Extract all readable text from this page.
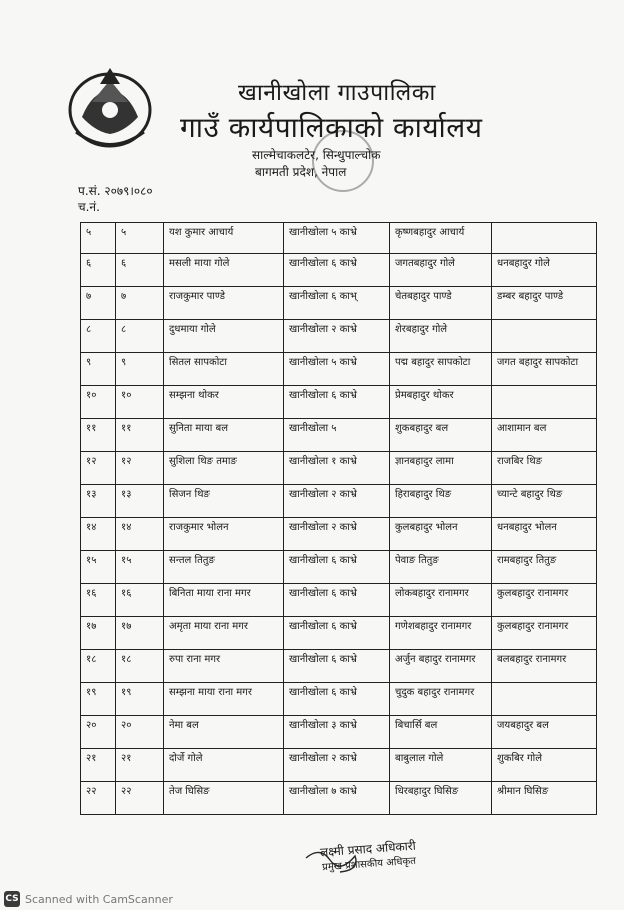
खानीखोला गाउपालिका
गाउँ कार्यपालिकाको कार्यालय
साल्मेचाकलटेर, सिन्धुपाल्चोक
बागमती प्रदेश, नेपाल
प.सं. २०७९।०८०
च.नं.
५	५	यश कुमार आचार्य	खानीखोला ५ काभ्रे	कृष्णबहादुर आचार्य	
६	६	मसली माया गोले	खानीखोला ६ काभ्रे	जगतबहादुर गोले	धनबहादुर गोले
७	७	राजकुमार पाण्डे	खानीखोला ६ काभ्	चेतबहादुर पाण्डे	डम्बर बहादुर पाण्डे
८	८	दुधमाया गोले	खानीखोला २ काभ्रे	शेरबहादुर गोले	
९	९	सितल सापकोटा	खानीखोला ५ काभ्रे	पद्म बहादुर सापकोटा	जगत बहादुर सापकोटा
१०	१०	सम्झना थोकर	खानीखोला ६ काभ्रे	प्रेमबहादुर थोकर	
११	११	सुनिता माया बल	खानीखोला ५	शुकबहादुर बल	आशामान बल
१२	१२	सुशिला थिङ तमाङ	खानीखोला १ काभ्रे	ज्ञानबहादुर लामा	राजबिर थिङ
१३	१३	सिजन थिङ	खानीखोला २ काभ्रे	हिराबहादुर थिङ	च्यान्टे बहादुर थिङ
१४	१४	राजकुमार भोलन	खानीखोला २ काभ्रे	कुलबहादुर भोलन	धनबहादुर भोलन
१५	१५	सन्तल तितुङ	खानीखोला ६ काभ्रे	पेवाङ तितुङ	रामबहादुर तितुङ
१६	१६	बिनिता माया राना मगर	खानीखोला ६ काभ्रे	लोकबहादुर रानामगर	कुलबहादुर रानामगर
१७	१७	अमृता माया राना मगर	खानीखोला ६ काभ्रे	गणेशबहादुर रानामगर	कुलबहादुर रानामगर
१८	१८	रुपा राना मगर	खानीखोला ६ काभ्रे	अर्जुन बहादुर रानामगर	बलबहादुर रानामगर
१९	१९	सम्झना माया राना मगर	खानीखोला ६ काभ्रे	चुदुक बहादुर रानामगर	
२०	२०	नेमा बल	खानीखोला ३ काभ्रे	बिचार्सि बल	जयबहादुर बल
२१	२१	दोर्जे गोले	खानीखोला २ काभ्रे	बाबुलाल गोले	शुकबिर गोले
२२	२२	तेज घिसिङ	खानीखोला ७ काभ्रे	धिरबहादुर घिसिङ	श्रीमान घिसिङ
लक्ष्मी प्रसाद अधिकारी
प्रमुख प्रशासकीय अधिकृत
CS Scanned with CamScanner
